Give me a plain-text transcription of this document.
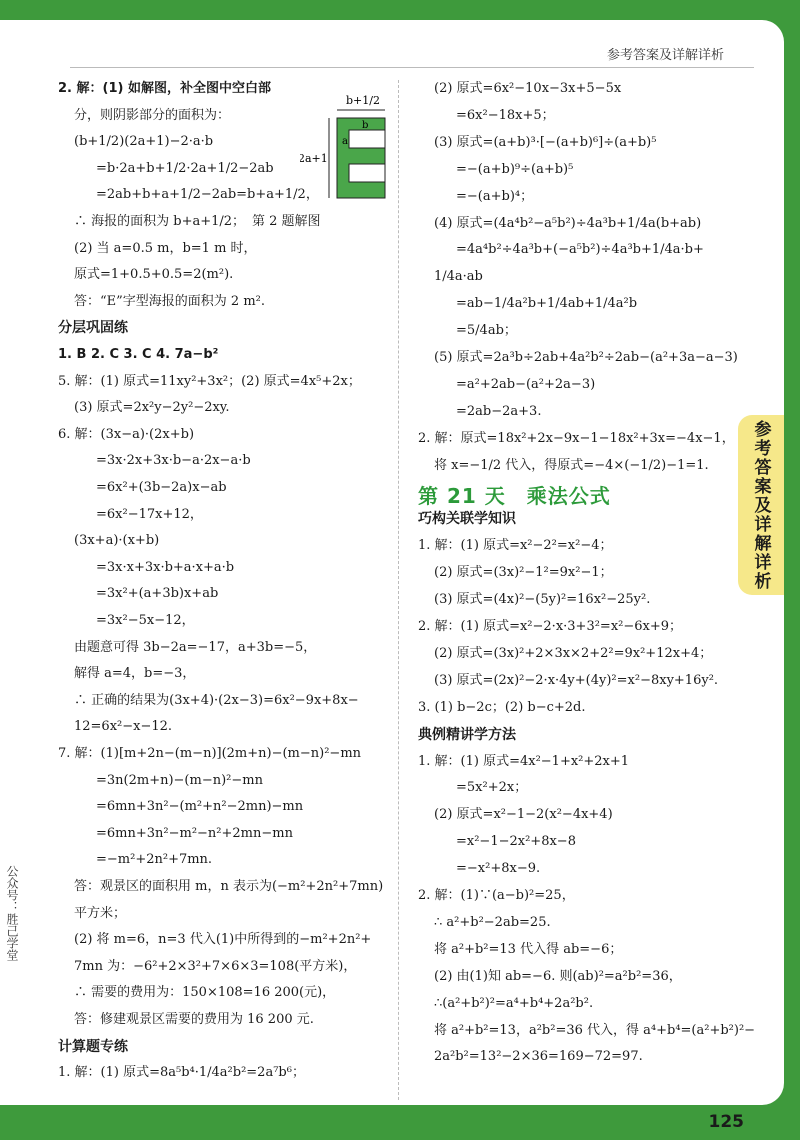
参考答案及详解详析
2. 解：(1) 如解图，补全图中空白部
分，则阴影部分的面积为：
(b+1/2)(2a+1)−2·a·b
=b·2a+b+1/2·2a+1/2−2ab
=2ab+b+a+1/2−2ab=b+a+1/2，
∴ 海报的面积为 b+a+1/2；
(2) 当 a=0.5 m，b=1 m 时，
原式=1+0.5+0.5=2(m²).
答：“E”字型海报的面积为 2 m².
分层巩固练
1. B 2. C 3. C 4. 7a−b²
5. 解：(1) 原式=11xy²+3x²；(2) 原式=4x⁵+2x；
(3) 原式=2x²y−2y²−2xy.
6. 解：(3x−a)·(2x+b)
=3x·2x+3x·b−a·2x−a·b
=6x²+(3b−2a)x−ab
=6x²−17x+12，
(3x+a)·(x+b)
=3x·x+3x·b+a·x+a·b
=3x²+(a+3b)x+ab
=3x²−5x−12，
由题意可得 3b−2a=−17，a+3b=−5，
解得 a=4，b=−3，
∴ 正确的结果为(3x+4)·(2x−3)=6x²−9x+8x−
12=6x²−x−12.
7. 解：(1)[m+2n−(m−n)](2m+n)−(m−n)²−mn
=3n(2m+n)−(m−n)²−mn
=6mn+3n²−(m²+n²−2mn)−mn
=6mn+3n²−m²−n²+2mn−mn
=−m²+2n²+7mn.
答：观景区的面积用 m，n 表示为(−m²+2n²+7mn)
平方米；
(2) 将 m=6，n=3 代入(1)中所得到的−m²+2n²+
7mn 为：−6²+2×3²+7×6×3=108(平方米)，
∴ 需要的费用为：150×108=16 200(元)，
答：修建观景区需要的费用为 16 200 元.
计算题专练
1. 解：(1) 原式=8a⁵b⁴·1/4a²b²=2a⁷b⁶；
(2) 原式=6x²−10x−3x+5−5x
=6x²−18x+5；
(3) 原式=(a+b)³·[−(a+b)⁶]÷(a+b)⁵
=−(a+b)⁹÷(a+b)⁵
=−(a+b)⁴；
(4) 原式=(4a⁴b²−a⁵b²)÷4a³b+1/4a(b+ab)
=4a⁴b²÷4a³b+(−a⁵b²)÷4a³b+1/4a·b+
1/4a·ab
=ab−1/4a²b+1/4ab+1/4a²b
=5/4ab；
(5) 原式=2a³b÷2ab+4a²b²÷2ab−(a²+3a−a−3)
=a²+2ab−(a²+2a−3)
=2ab−2a+3.
2. 解：原式=18x²+2x−9x−1−18x²+3x=−4x−1，
将 x=−1/2 代入，得原式=−4×(−1/2)−1=1.
第 21 天　乘法公式
巧构关联学知识
1. 解：(1) 原式=x²−2²=x²−4；
(2) 原式=(3x)²−1²=9x²−1；
(3) 原式=(4x)²−(5y)²=16x²−25y².
2. 解：(1) 原式=x²−2·x·3+3²=x²−6x+9；
(2) 原式=(3x)²+2×3x×2+2²=9x²+12x+4；
(3) 原式=(2x)²−2·x·4y+(4y)²=x²−8xy+16y².
3. (1) b−2c；(2) b−c+2d.
典例精讲学方法
1. 解：(1) 原式=4x²−1+x²+2x+1
=5x²+2x；
(2) 原式=x²−1−2(x²−4x+4)
=x²−1−2x²+8x−8
=−x²+8x−9.
2. 解：(1)∵(a−b)²=25，
∴ a²+b²−2ab=25.
将 a²+b²=13 代入得 ab=−6；
(2) 由(1)知 ab=−6. 则(ab)²=a²b²=36，
∴(a²+b²)²=a⁴+b⁴+2a²b².
将 a²+b²=13，a²b²=36 代入，得 a⁴+b⁴=(a²+b²)²−
2a²b²=13²−2×36=169−72=97.
b+1/2
2a+1
a
b
第 2 题解图
参考答案及详解详析
公众号：胜己学堂
125
